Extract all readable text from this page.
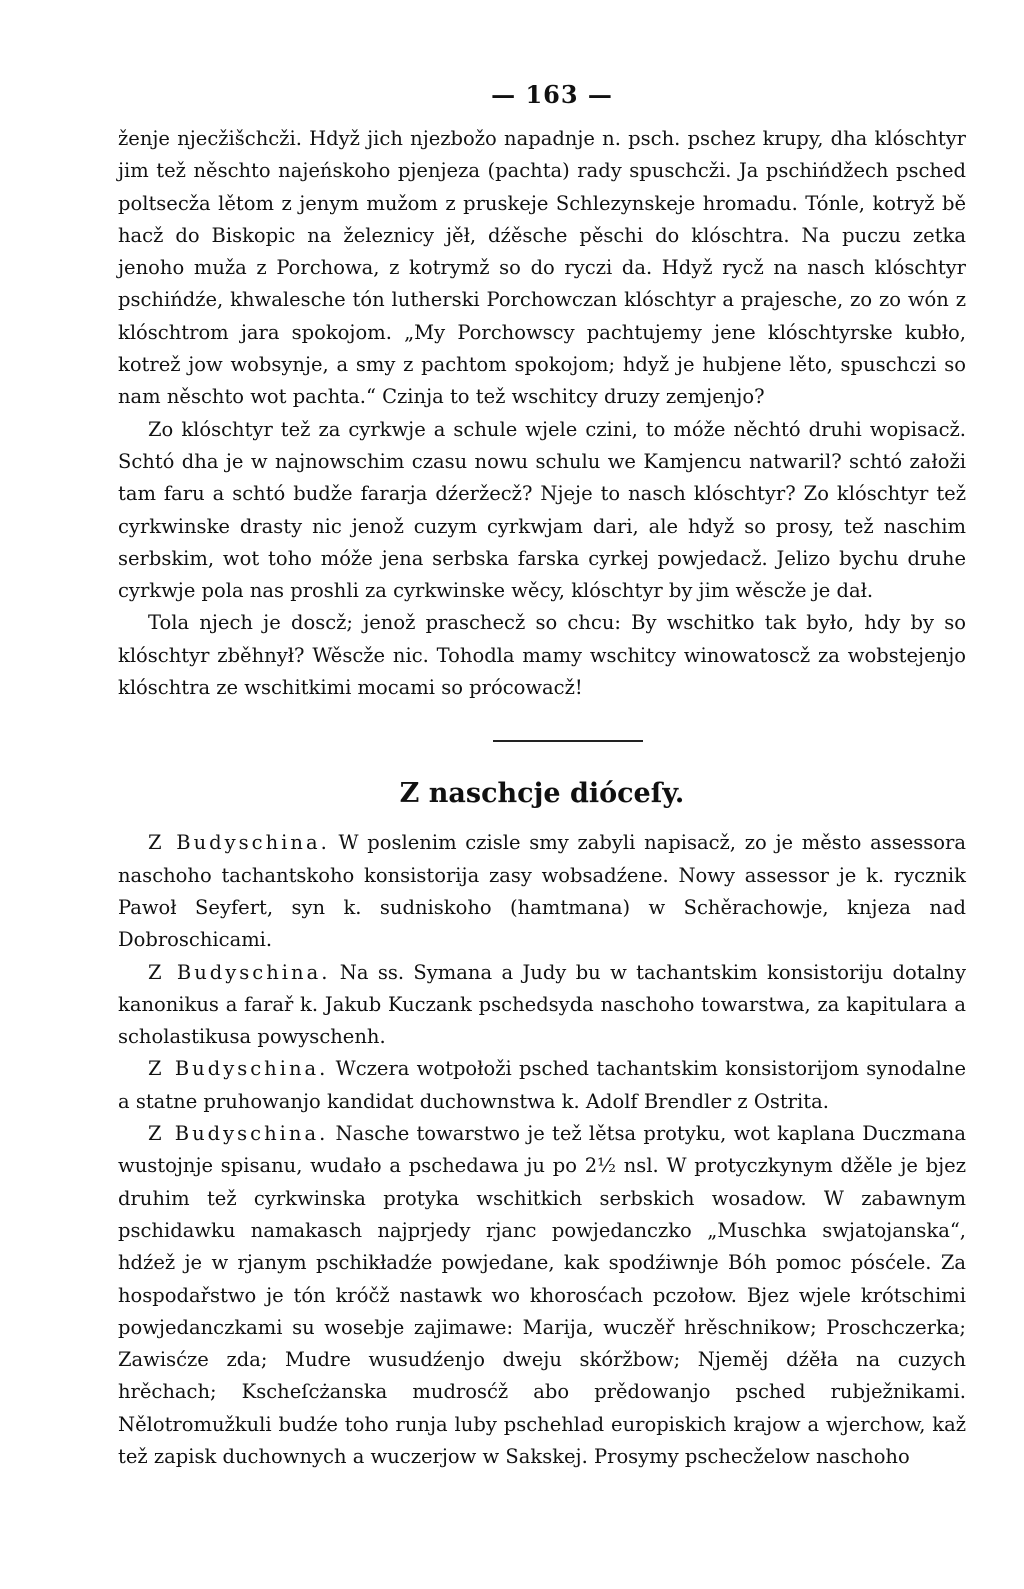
— 163 —

ženje njecžišchcži. Hdyž jich njezbožo napadnje n. psch. pschez krupy, dha klóschtyr jim tež něschto najeńskoho pjenjeza (pachta) rady spuschcži. Ja pschińdžech psched poltsecža lětom z jenym mužom z pruskeje Schlezynskeje hromadu. Tónle, kotryž bě hacž do Biskopic na železnicy jěł, dźěsche pěschi do klóschtra. Na puczu zetka jenoho muža z Porchowa, z kotrymž so do ryczi da. Hdyž rycž na nasch klóschtyr pschińdźe, khwalesche tón lutherski Porchowczan klóschtyr a prajesche, zo zo wón z klóschtrom jara spokojom. „My Porchowscy pachtujemy jene klóschtyrske kubło, kotrež jow wobsynje, a smy z pachtom spokojom; hdyž je hubjene lěto, spuschczi so nam něschto wot pachta.“ Czinja to tež wschitcy druzy zemjenjo?

Zo klóschtyr tež za cyrkwje a schule wjele czini, to móže něchtó druhi wopisacž. Schtó dha je w najnowschim czasu nowu schulu we Kamjencu natwaril? schtó załoži tam faru a schtó budže fararja dźeržecž? Njeje to nasch klóschtyr? Zo klóschtyr tež cyrkwinske drasty nic jenož cuzym cyrkwjam dari, ale hdyž so prosy, tež naschim serbskim, wot toho móže jena serbska farska cyrkej powjedacž. Jelizo bychu druhe cyrkwje pola nas proshli za cyrkwinske wěcy, klóschtyr by jim wěscže je dał.

Tola njech je doscž; jenož praschecž so chcu: By wschitko tak było, hdy by so klóschtyr zběhnył? Wěscže nic. Tohodla mamy wschitcy winowatoscž za wobstejenjo klóschtra ze wschitkimi mocami so prócowacž!

Z naschcje dióceſy.

Z Budyschina. W poslenim czisle smy zabyli napisacž, zo je město assessora naschoho tachantskoho konsistorija zasy wobsadźene. Nowy assessor je k. rycznik Pawoł Seyfert, syn k. sudniskoho (hamtmana) w Schěrachowje, knjeza nad Dobroschicami.

Z Budyschina. Na ss. Symana a Judy bu w tachantskim konsistoriju dotalny kanonikus a farař k. Jakub Kuczank pschedsyda naschoho towarstwa, za kapitulara a scholastikusa powyschenh.

Z Budyschina. Wczera wotpołoži psched tachantskim konsistorijom synodalne a statne pruhowanjo kandidat duchownstwa k. Adolf Brendler z Ostrita.

Z Budyschina. Nasche towarstwo je tež lětsa protyku, wot kaplana Duczmana wustojnje spisanu, wudało a pschedawa ju po 2½ nsl. W protyczkynym džěle je bjez druhim tež cyrkwinska protyka wschitkich serbskich wosadow. W zabawnym pschidawku namakasch najprjedy rjanc powjedanczko „Muschka swjatojanska“, hdźež je w rjanym pschikładźe powjedane, kak spodźiwnje Bóh pomoc pósćele. Za hospodařstwo je tón króčž nastawk wo khorosćach pczołow. Bjez wjele krótschimi powjedanczkami su wosebje zajimawe: Marija, wuczěř hrěschnikow; Proschczerka; Zawisćze zda; Mudre wusudźenjo dweju skóržbow; Njeměj dźěła na cuzych hrěchach; Kscheſcżanska mudrosćž abo prědowanjo psched rubježnikami. Nělotromužkuli budźe toho runja luby pschehlad europiskich krajow a wjerchow, kaž tež zapisk duchownych a wuczerjow w Sakskej. Prosymy pschecželow naschoho
